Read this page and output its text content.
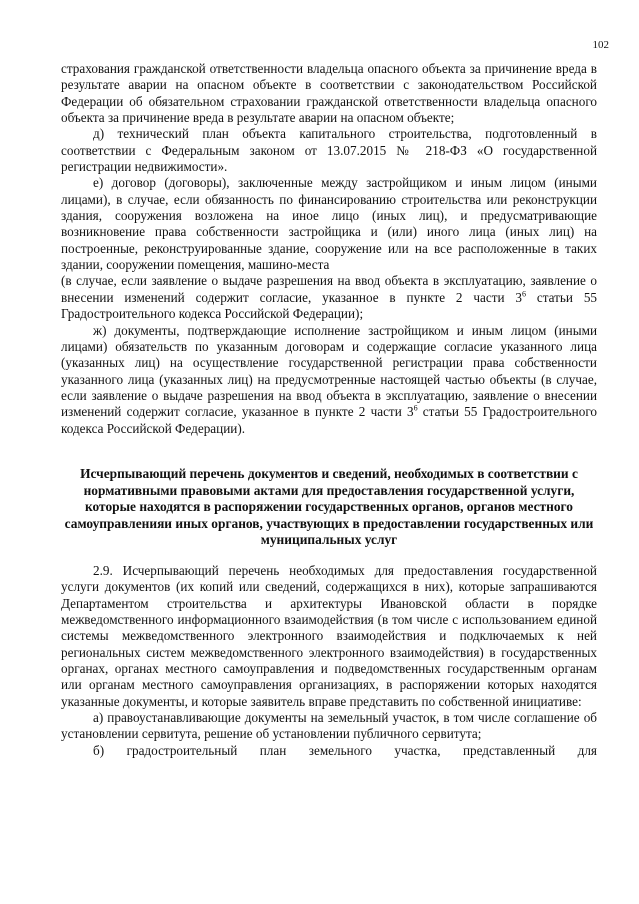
102

страхования гражданской ответственности владельца опасного объекта за причинение вреда в результате аварии на опасном объекте в соответствии с законодательством Российской Федерации об обязательном страховании гражданской ответственности владельца опасного объекта за причинение вреда в результате аварии на опасном объекте;

д) технический план объекта капитального строительства, подготовленный в соответствии с Федеральным законом от 13.07.2015 № 218-ФЗ «О государственной регистрации недвижимости».

е) договор (договоры), заключенные между застройщиком и иным лицом (иными лицами), в случае, если обязанность по финансированию строительства или реконструкции здания, сооружения возложена на иное лицо (иных лиц), и предусматривающие возникновение права собственности застройщика и (или) иного лица (иных лиц) на построенные, реконструированные здание, сооружение или на все расположенные в таких здании, сооружении помещения, машино-места

(в случае, если заявление о выдаче разрешения на ввод объекта в эксплуатацию, заявление о внесении изменений содержит согласие, указанное в пункте 2 части $3^6$ статьи 55 Градостроительного кодекса Российской Федерации);

ж) документы, подтверждающие исполнение застройщиком и иным лицом (иными лицами) обязательств по указанным договорам и содержащие согласие указанного лица (указанных лиц) на осуществление государственной регистрации права собственности указанного лица (указанных лиц) на предусмотренные настоящей частью объекты (в случае, если заявление о выдаче разрешения на ввод объекта в эксплуатацию, заявление о внесении изменений содержит согласие, указанное в пункте 2 части $3^6$ статьи 55 Градостроительного кодекса Российской Федерации).

Исчерпывающий перечень документов и сведений, необходимых в соответствии с нормативными правовыми актами для предоставления государственной услуги, которые находятся в распоряжении государственных органов, органов местного самоуправленияи иных органов, участвующих в предоставлении государственных или муниципальных услуг

2.9. Исчерпывающий перечень необходимых для предоставления государственной услуги документов (их копий или сведений, содержащихся в них), которые запрашиваются Департаментом строительства и архитектуры Ивановской области в порядке межведомственного информационного взаимодействия (в том числе с использованием единой системы межведомственного электронного взаимодействия и подключаемых к ней региональных систем межведомственного электронного взаимодействия) в государственных органах, органах местного самоуправления и подведомственных государственным органам или органам местного самоуправления организациях, в распоряжении которых находятся указанные документы, и которые заявитель вправе представить по собственной инициативе:

а) правоустанавливающие документы на земельный участок, в том числе соглашение об установлении сервитута, решение об установлении публичного сервитута;

б) градостроительный план земельного участка, представленный для
